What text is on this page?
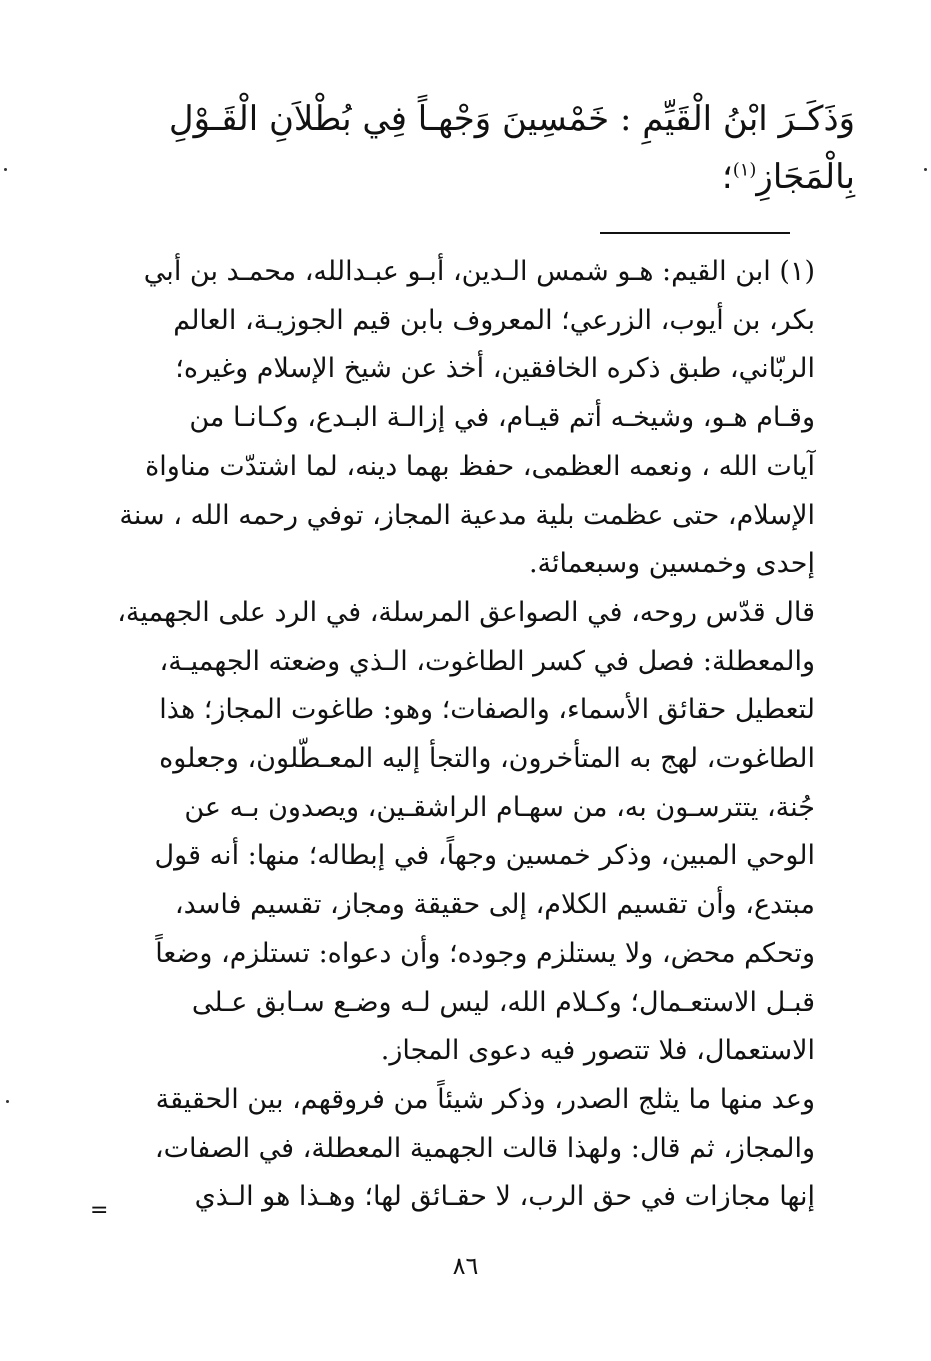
وَذَكَـرَ ابْنُ الْقَيِّمِ : خَمْسِينَ وَجْهـاً فِي بُطْلاَنِ الْقَـوْلِ

بِالْمَجَازِ$^{(١)}$؛

(١) ابن القيم: هـو شمس الـدين، أبـو عبـدالله، محمـد بن أبي

بكر، بن أيوب، الزرعي؛ المعروف بابن قيم الجوزيـة، العالم

الربّاني، طبق ذكره الخافقين، أخذ عن شيخ الإسلام وغيره؛

وقـام هـو، وشيخـه أتم قيـام، في إزالـة البـدع، وكـانـا من

آيات الله ، ونعمه العظمى، حفظ بهما دينه، لما اشتدّت مناواة

الإسلام، حتى عظمت بلية مدعية المجاز، توفي رحمه الله ، سنة

إحدى وخمسين وسبعمائة.

قال قدّس روحه، في الصواعق المرسلة، في الرد على الجهمية،

والمعطلة: فصل في كسر الطاغوت، الـذي وضعته الجهميـة،

لتعطيل حقائق الأسماء، والصفات؛ وهو: طاغوت المجاز؛ هذا

الطاغوت، لهج به المتأخرون، والتجأ إليه المعـطّلون، وجعلوه

جُنة، يتترسـون به، من سهـام الراشقـين، ويصدون بـه عن

الوحي المبين، وذكر خمسين وجهاً، في إبطاله؛ منها: أنه قول

مبتدع، وأن تقسيم الكلام، إلى حقيقة ومجاز، تقسيم فاسد،

وتحكم محض، ولا يستلزم وجوده؛ وأن دعواه: تستلزم، وضعاً

قبـل الاستعـمال؛ وكـلام الله، ليس لـه وضـع سـابق عـلى

الاستعمال، فلا تتصور فيه دعوى المجاز.

وعد منها ما يثلج الصدر، وذكر شيئاً من فروقهم، بين الحقيقة

والمجاز، ثم قال: ولهذا قالت الجهمية المعطلة، في الصفات،

إنها مجازات في حق الرب، لا حقـائق لها؛ وهـذا هو الـذي

=
٨٦
